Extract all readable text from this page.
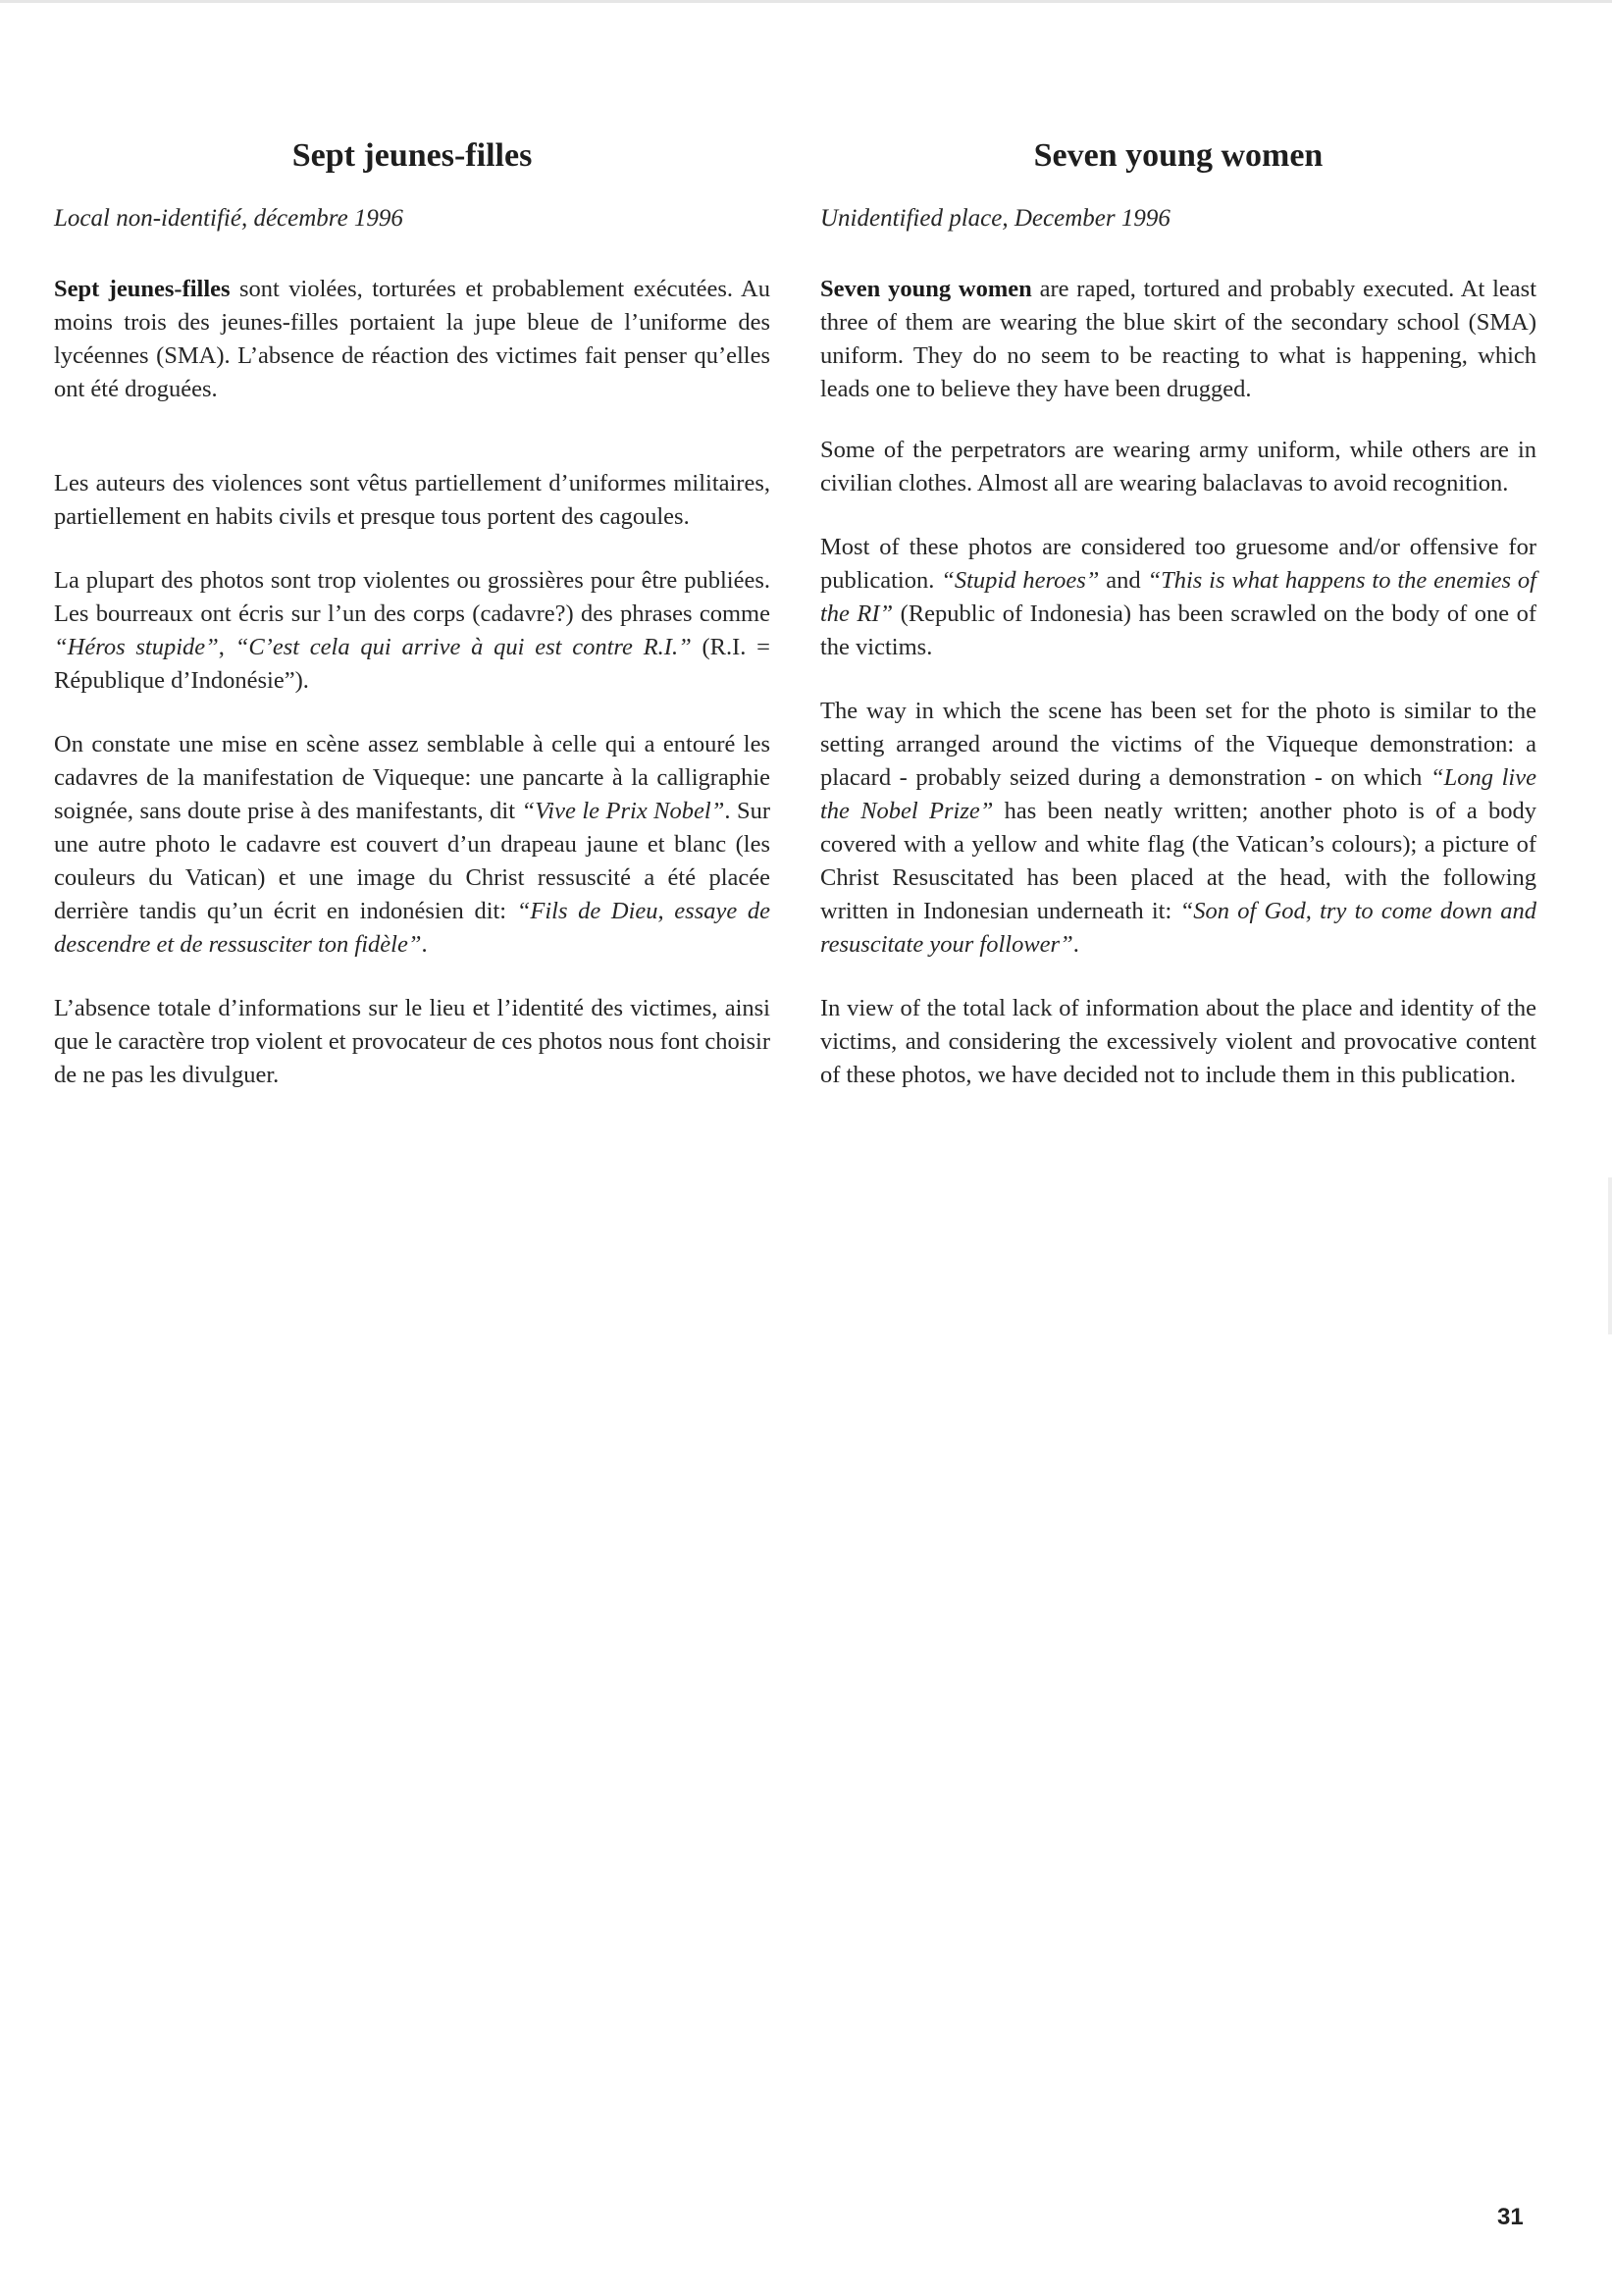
Sept jeunes-filles

Local non-identifié, décembre 1996

Sept jeunes-filles sont violées, torturées et probablement exécutées. Au moins trois des jeunes-filles portaient la jupe bleue de l’uniforme des lycéennes (SMA). L’absence de réaction des victimes fait penser qu’elles ont été droguées.

Les auteurs des violences sont vêtus partiellement d’uniformes militaires, partiellement en habits civils et presque tous portent des cagoules.

La plupart des photos sont trop violentes ou grossières pour être publiées. Les bourreaux ont écris sur l’un des corps (cadavre?) des phrases comme “Héros stupide”, “C’est cela qui arrive à qui est contre R.I.” (R.I. = République d’Indonésie”).

On constate une mise en scène assez semblable à celle qui a entouré les cadavres de la manifestation de Viqueque: une pancarte à la calligraphie soignée, sans doute prise à des manifestants, dit “Vive le Prix Nobel”. Sur une autre photo le cadavre est couvert d’un drapeau jaune et blanc (les couleurs du Vatican) et une image du Christ ressuscité a été placée derrière tandis qu’un écrit en indonésien dit: “Fils de Dieu, essaye de descendre et de ressusciter ton fidèle”.

L’absence totale d’informations sur le lieu et l’identité des victimes, ainsi que le caractère trop violent et provocateur de ces photos nous font choisir de ne pas les divulguer.

Seven young women

Unidentified place, December 1996

Seven young women are raped, tortured and probably executed. At least three of them are wearing the blue skirt of the secondary school (SMA) uniform. They do no seem to be reacting to what is happening, which leads one to believe they have been drugged.

Some of the perpetrators are wearing army uniform, while others are in civilian clothes. Almost all are wearing balaclavas to avoid recognition.

Most of these photos are considered too gruesome and/or offensive for publication. “Stupid heroes” and “This is what happens to the enemies of the RI” (Republic of Indonesia) has been scrawled on the body of one of the victims.

The way in which the scene has been set for the photo is similar to the setting arranged around the victims of the Viqueque demonstration: a placard - probably seized during a demonstration - on which “Long live the Nobel Prize” has been neatly written; another photo is of a body covered with a yellow and white flag (the Vatican’s colours); a picture of Christ Resuscitated has been placed at the head, with the following written in Indonesian underneath it: “Son of God, try to come down and resuscitate your follower”.

In view of the total lack of information about the place and identity of the victims, and considering the excessively violent and provocative content of these photos, we have decided not to include them in this publication.

31
